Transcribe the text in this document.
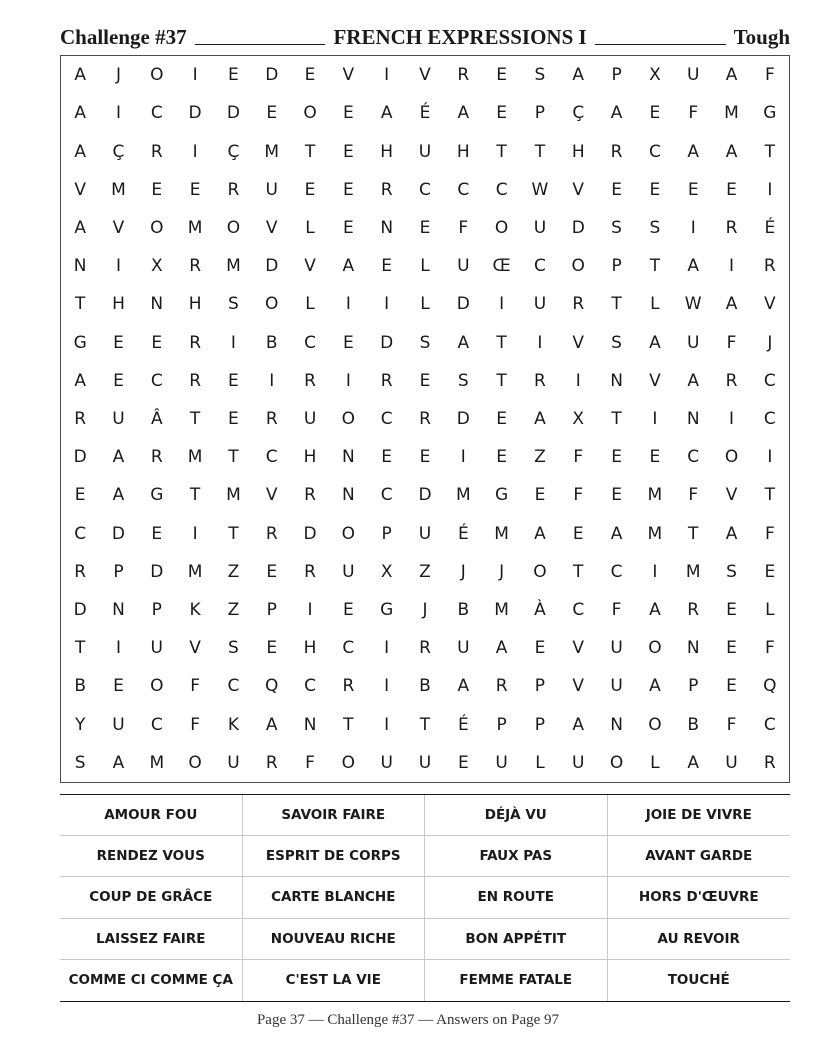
Challenge #37	FRENCH EXPRESSIONS I	Tough
A	J	O	I	E	D	E	V	I	V	R	E	S	A	P	X	U	A	F
A	I	C	D	D	E	O	E	A	É	A	E	P	Ç	A	E	F	M	G
A	Ç	R	I	Ç	M	T	E	H	U	H	T	T	H	R	C	A	A	T
V	M	E	E	R	U	E	E	R	C	C	C	W	V	E	E	E	E	I
A	V	O	M	O	V	L	E	N	E	F	O	U	D	S	S	I	R	É
N	I	X	R	M	D	V	A	E	L	U	Œ	C	O	P	T	A	I	R
T	H	N	H	S	O	L	I	I	L	D	I	U	R	T	L	W	A	V
G	E	E	R	I	B	C	E	D	S	A	T	I	V	S	A	U	F	J
A	E	C	R	E	I	R	I	R	E	S	T	R	I	N	V	A	R	C
R	U	Â	T	E	R	U	O	C	R	D	E	A	X	T	I	N	I	C
D	A	R	M	T	C	H	N	E	E	I	E	Z	F	E	E	C	O	I
E	A	G	T	M	V	R	N	C	D	M	G	E	F	E	M	F	V	T
C	D	E	I	T	R	D	O	P	U	É	M	A	E	A	M	T	A	F
R	P	D	M	Z	E	R	U	X	Z	J	J	O	T	C	I	M	S	E
D	N	P	K	Z	P	I	E	G	J	B	M	À	C	F	A	R	E	L
T	I	U	V	S	E	H	C	I	R	U	A	E	V	U	O	N	E	F
B	E	O	F	C	Q	C	R	I	B	A	R	P	V	U	A	P	E	Q
Y	U	C	F	K	A	N	T	I	T	É	P	P	A	N	O	B	F	C
S	A	M	O	U	R	F	O	U	U	E	U	L	U	O	L	A	U	R
AMOUR FOU	SAVOIR FAIRE	DÉJÀ VU	JOIE DE VIVRE
RENDEZ VOUS	ESPRIT DE CORPS	FAUX PAS	AVANT GARDE
COUP DE GRÂCE	CARTE BLANCHE	EN ROUTE	HORS D'ŒUVRE
LAISSEZ FAIRE	NOUVEAU RICHE	BON APPÉTIT	AU REVOIR
COMME CI COMME ÇA	C'EST LA VIE	FEMME FATALE	TOUCHÉ
Page 37 — Challenge #37 — Answers on Page 97
